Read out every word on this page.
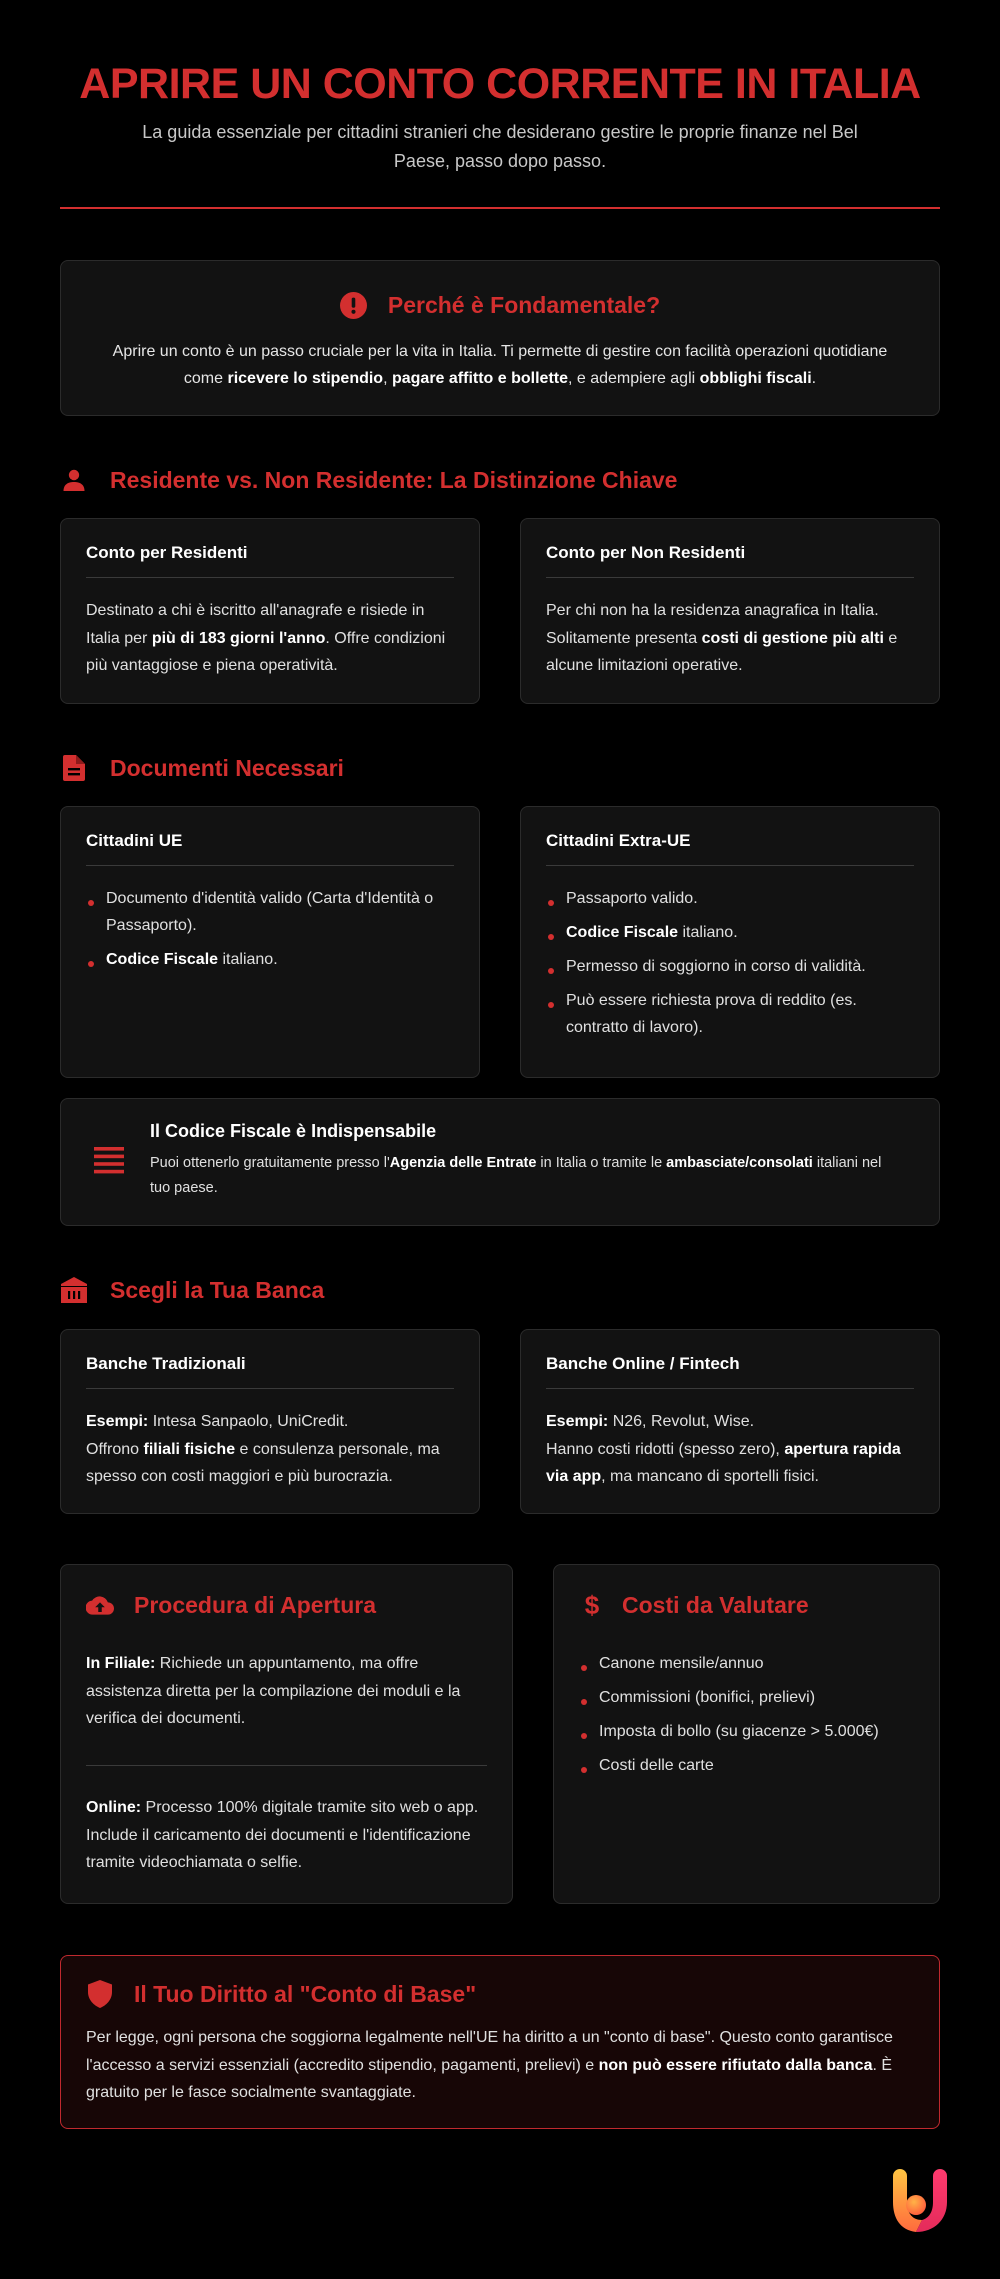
APRIRE UN CONTO CORRENTE IN ITALIA

La guida essenziale per cittadini stranieri che desiderano gestire le proprie finanze nel Bel Paese, passo dopo passo.

Perché è Fondamentale?

Aprire un conto è un passo cruciale per la vita in Italia. Ti permette di gestire con facilità operazioni quotidiane come ricevere lo stipendio, pagare affitto e bollette, e adempiere agli obblighi fiscali.

Residente vs. Non Residente: La Distinzione Chiave
Conto per Residenti

Destinato a chi è iscritto all'anagrafe e risiede in Italia per più di 183 giorni l'anno. Offre condizioni più vantaggiose e piena operatività.

Conto per Non Residenti

Per chi non ha la residenza anagrafica in Italia. Solitamente presenta costi di gestione più alti e alcune limitazioni operative.

Documenti Necessari
Cittadini UE
Documento d'identità valido (Carta d'Identità o Passaporto).
Codice Fiscale italiano.
Cittadini Extra-UE
Passaporto valido.
Codice Fiscale italiano.
Permesso di soggiorno in corso di validità.
Può essere richiesta prova di reddito (es. contratto di lavoro).
Il Codice Fiscale è Indispensabile

Puoi ottenerlo gratuitamente presso l'Agenzia delle Entrate in Italia o tramite le ambasciate/consolati italiani nel tuo paese.

Scegli la Tua Banca
Banche Tradizionali
Esempi: Intesa Sanpaolo, UniCredit.
Offrono filiali fisiche e consulenza personale, ma spesso con costi maggiori e più burocrazia.
Banche Online / Fintech
Esempi: N26, Revolut, Wise.
Hanno costi ridotti (spesso zero), apertura rapida via app, ma mancano di sportelli fisici.
Procedura di Apertura

In Filiale: Richiede un appuntamento, ma offre assistenza diretta per la compilazione dei moduli e la verifica dei documenti.

Online: Processo 100% digitale tramite sito web o app. Include il caricamento dei documenti e l'identificazione tramite videochiamata o selfie.

$ Costi da Valutare
Canone mensile/annuo
Commissioni (bonifici, prelievi)
Imposta di bollo (su giacenze > 5.000€)
Costi delle carte
Il Tuo Diritto al "Conto di Base"

Per legge, ogni persona che soggiorna legalmente nell'UE ha diritto a un "conto di base". Questo conto garantisce l'accesso a servizi essenziali (accredito stipendio, pagamenti, prelievi) e non può essere rifiutato dalla banca. È gratuito per le fasce socialmente svantaggiate.
